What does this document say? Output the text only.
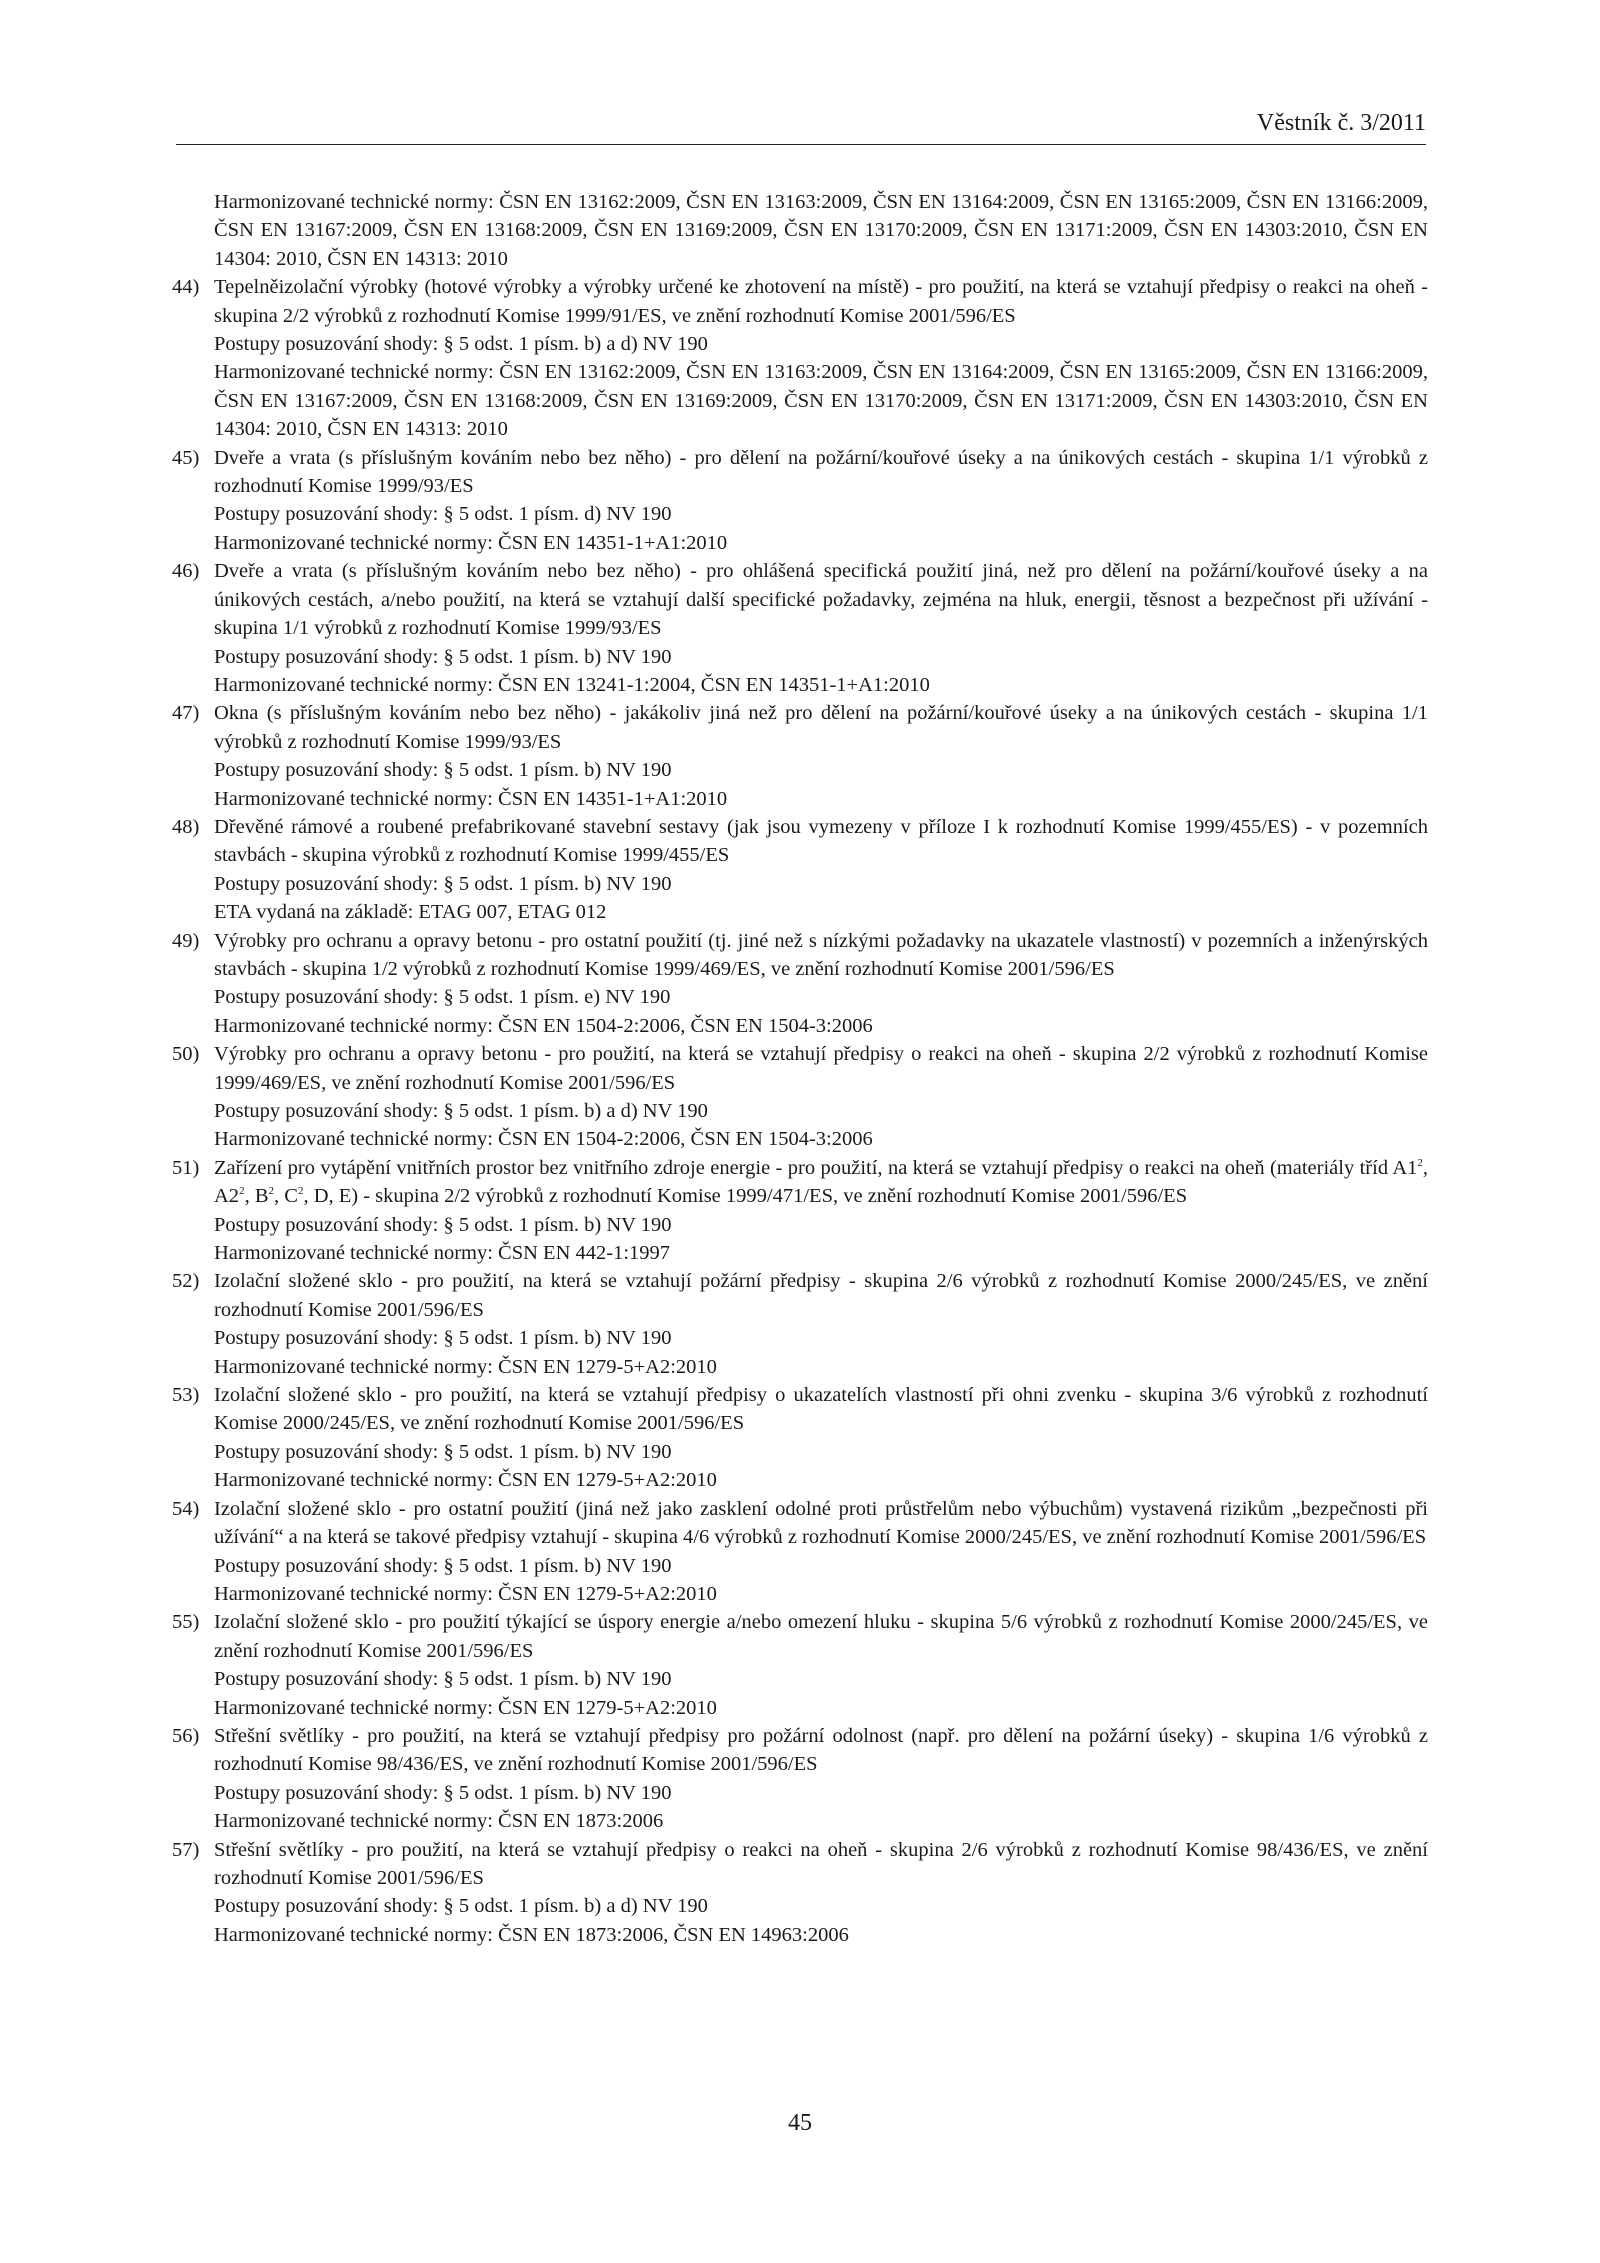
Věstník č. 3/2011
Harmonizované technické normy: ČSN EN 13162:2009, ČSN EN 13163:2009, ČSN EN 13164:2009, ČSN EN 13165:2009, ČSN EN 13166:2009, ČSN EN 13167:2009, ČSN EN 13168:2009, ČSN EN 13169:2009, ČSN EN 13170:2009, ČSN EN 13171:2009, ČSN EN 14303:2010, ČSN EN 14304: 2010, ČSN EN 14313: 2010
44) Tepelněizolační výrobky (hotové výrobky a výrobky určené ke zhotovení na místě) - pro použití, na která se vztahují předpisy o reakci na oheň - skupina 2/2 výrobků z rozhodnutí Komise 1999/91/ES, ve znění rozhodnutí Komise 2001/596/ES
Postupy posuzování shody: § 5 odst. 1 písm. b) a d) NV 190
Harmonizované technické normy: ČSN EN 13162:2009, ČSN EN 13163:2009, ČSN EN 13164:2009, ČSN EN 13165:2009, ČSN EN 13166:2009, ČSN EN 13167:2009, ČSN EN 13168:2009, ČSN EN 13169:2009, ČSN EN 13170:2009, ČSN EN 13171:2009, ČSN EN 14303:2010, ČSN EN 14304: 2010, ČSN EN 14313: 2010
45) Dveře a vrata (s příslušným kováním nebo bez něho) - pro dělení na požární/kouřové úseky a na únikových cestách - skupina 1/1 výrobků z rozhodnutí Komise 1999/93/ES
Postupy posuzování shody: § 5 odst. 1 písm. d) NV 190
Harmonizované technické normy: ČSN EN 14351-1+A1:2010
46) Dveře a vrata (s příslušným kováním nebo bez něho) - pro ohlášená specifická použití jiná, než pro dělení na požární/kouřové úseky a na únikových cestách, a/nebo použití, na která se vztahují další specifické požadavky, zejména na hluk, energii, těsnost a bezpečnost při užívání - skupina 1/1 výrobků z rozhodnutí Komise 1999/93/ES
Postupy posuzování shody: § 5 odst. 1 písm. b) NV 190
Harmonizované technické normy: ČSN EN 13241-1:2004, ČSN EN 14351-1+A1:2010
47) Okna (s příslušným kováním nebo bez něho) - jakákoliv jiná než pro dělení na požární/kouřové úseky a na únikových cestách - skupina 1/1 výrobků z rozhodnutí Komise 1999/93/ES
Postupy posuzování shody: § 5 odst. 1 písm. b) NV 190
Harmonizované technické normy: ČSN EN 14351-1+A1:2010
48) Dřevěné rámové a roubené prefabrikované stavební sestavy (jak jsou vymezeny v příloze I k rozhodnutí Komise 1999/455/ES) - v pozemních stavbách - skupina výrobků z rozhodnutí Komise 1999/455/ES
Postupy posuzování shody: § 5 odst. 1 písm. b) NV 190
ETA vydaná na základě: ETAG 007, ETAG 012
49) Výrobky pro ochranu a opravy betonu - pro ostatní použití (tj. jiné než s nízkými požadavky na ukazatele vlastností) v pozemních a inženýrských stavbách - skupina 1/2 výrobků z rozhodnutí Komise 1999/469/ES, ve znění rozhodnutí Komise 2001/596/ES
Postupy posuzování shody: § 5 odst. 1 písm. e) NV 190
Harmonizované technické normy: ČSN EN 1504-2:2006, ČSN EN 1504-3:2006
50) Výrobky pro ochranu a opravy betonu - pro použití, na která se vztahují předpisy o reakci na oheň - skupina 2/2 výrobků z rozhodnutí Komise 1999/469/ES, ve znění rozhodnutí Komise 2001/596/ES
Postupy posuzování shody: § 5 odst. 1 písm. b) a d) NV 190
Harmonizované technické normy: ČSN EN 1504-2:2006, ČSN EN 1504-3:2006
51) Zařízení pro vytápění vnitřních prostor bez vnitřního zdroje energie - pro použití, na která se vztahují předpisy o reakci na oheň (materiály tříd $A1^2$, $A2^2$, $B^2$, $C^2$, D, E) - skupina 2/2 výrobků z rozhodnutí Komise 1999/471/ES, ve znění rozhodnutí Komise 2001/596/ES
Postupy posuzování shody: § 5 odst. 1 písm. b) NV 190
Harmonizované technické normy: ČSN EN 442-1:1997
52) Izolační složené sklo - pro použití, na která se vztahují požární předpisy - skupina 2/6 výrobků z rozhodnutí Komise 2000/245/ES, ve znění rozhodnutí Komise 2001/596/ES
Postupy posuzování shody: § 5 odst. 1 písm. b) NV 190
Harmonizované technické normy: ČSN EN 1279-5+A2:2010
53) Izolační složené sklo - pro použití, na která se vztahují předpisy o ukazatelích vlastností při ohni zvenku - skupina 3/6 výrobků z rozhodnutí Komise 2000/245/ES, ve znění rozhodnutí Komise 2001/596/ES
Postupy posuzování shody: § 5 odst. 1 písm. b) NV 190
Harmonizované technické normy: ČSN EN 1279-5+A2:2010
54) Izolační složené sklo - pro ostatní použití (jiná než jako zasklení odolné proti průstřelům nebo výbuchům) vystavená rizikům „bezpečnosti při užívání“ a na která se takové předpisy vztahují - skupina 4/6 výrobků z rozhodnutí Komise 2000/245/ES, ve znění rozhodnutí Komise 2001/596/ES
Postupy posuzování shody: § 5 odst. 1 písm. b) NV 190
Harmonizované technické normy: ČSN EN 1279-5+A2:2010
55) Izolační složené sklo - pro použití týkající se úspory energie a/nebo omezení hluku - skupina 5/6 výrobků z rozhodnutí Komise 2000/245/ES, ve znění rozhodnutí Komise 2001/596/ES
Postupy posuzování shody: § 5 odst. 1 písm. b) NV 190
Harmonizované technické normy: ČSN EN 1279-5+A2:2010
56) Střešní světlíky - pro použití, na která se vztahují předpisy pro požární odolnost (např. pro dělení na požární úseky) - skupina 1/6 výrobků z rozhodnutí Komise 98/436/ES, ve znění rozhodnutí Komise 2001/596/ES
Postupy posuzování shody: § 5 odst. 1 písm. b) NV 190
Harmonizované technické normy: ČSN EN 1873:2006
57) Střešní světlíky - pro použití, na která se vztahují předpisy o reakci na oheň - skupina 2/6 výrobků z rozhodnutí Komise 98/436/ES, ve znění rozhodnutí Komise 2001/596/ES
Postupy posuzování shody: § 5 odst. 1 písm. b) a d) NV 190
Harmonizované technické normy: ČSN EN 1873:2006, ČSN EN 14963:2006
45
